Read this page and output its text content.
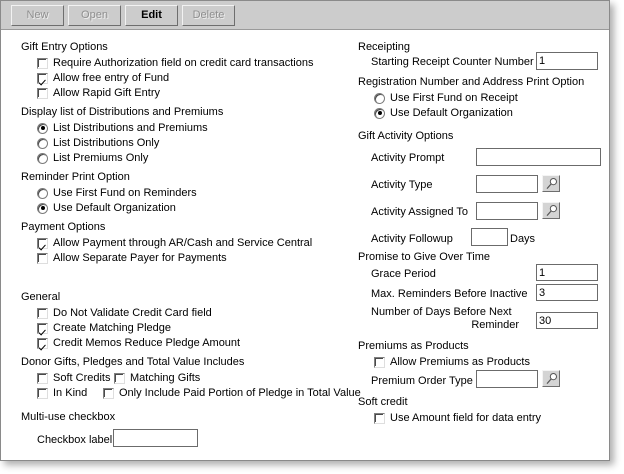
New	Open	Edit	Delete
Gift Entry Options
Require Authorization field on credit card transactions
Allow free entry of Fund
Allow Rapid Gift Entry
Display list of Distributions and Premiums
List Distributions and Premiums
List Distributions Only
List Premiums Only
Reminder Print Option
Use First Fund on Reminders
Use Default Organization
Payment Options
Allow Payment through AR/Cash and Service Central
Allow Separate Payer for Payments
General
Do Not Validate Credit Card field
Create Matching Pledge
Credit Memos Reduce Pledge Amount
Donor Gifts, Pledges and Total Value Includes
Soft Credits Matching Gifts
In Kind	Only Include Paid Portion of Pledge in Total Value
Multi-use checkbox
Checkbox label
Receipting
Starting Receipt Counter Number
1
Registration Number and Address Print Option
Use First Fund on Receipt
Use Default Organization
Gift Activity Options
Activity Prompt
Activity Type
Activity Assigned To
Activity Followup	Days
Promise to Give Over Time
Grace Period
1
Max. Reminders Before Inactive
3
Number of Days Before Next
Reminder
30
Premiums as Products
Allow Premiums as Products
Premium Order Type
Soft credit
Use Amount field for data entry
